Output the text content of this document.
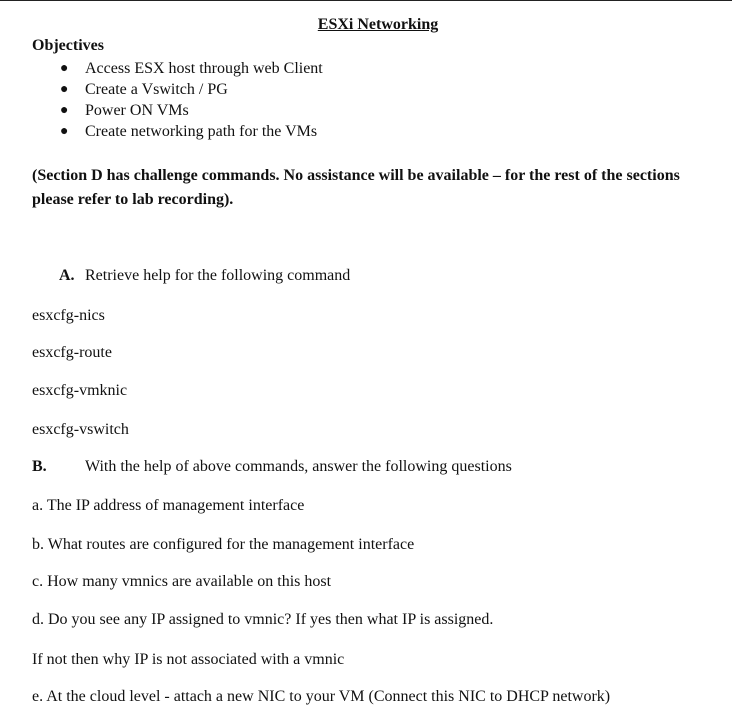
ESXi Networking
Objectives
● Access ESX host through web Client
● Create a Vswitch / PG
● Power ON VMs
● Create networking path for the VMs
(Section D has challenge commands. No assistance will be available – for the rest of the sections please refer to lab recording).
A. Retrieve help for the following command
esxcfg-nics
esxcfg-route
esxcfg-vmknic
esxcfg-vswitch
B. With the help of above commands, answer the following questions
a. The IP address of management interface
b. What routes are configured for the management interface
c. How many vmnics are available on this host
d. Do you see any IP assigned to vmnic? If yes then what IP is assigned.
If not then why IP is not associated with a vmnic
e. At the cloud level - attach a new NIC to your VM (Connect this NIC to DHCP network)
